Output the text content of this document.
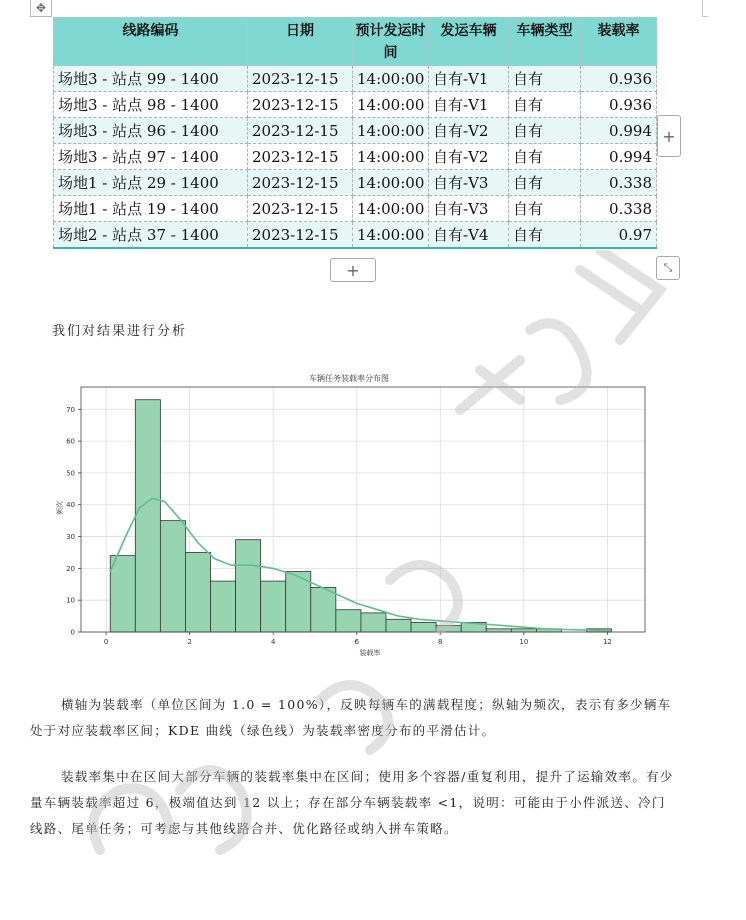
✥
线路编码	日期	预计发运时间	发运车辆	车辆类型	装载率
场地3 - 站点 99 - 1400	2023-12-15	14:00:00	自有-V1	自有	0.936
场地3 - 站点 98 - 1400	2023-12-15	14:00:00	自有-V1	自有	0.936
场地3 - 站点 96 - 1400	2023-12-15	14:00:00	自有-V2	自有	0.994
场地3 - 站点 97 - 1400	2023-12-15	14:00:00	自有-V2	自有	0.994
场地1 - 站点 29 - 1400	2023-12-15	14:00:00	自有-V3	自有	0.338
场地1 - 站点 19 - 1400	2023-12-15	14:00:00	自有-V3	自有	0.338
场地2 - 站点 37 - 1400	2023-12-15	14:00:00	自有-V4	自有	0.97
+
+	⤡
我们对结果进行分析
车辆任务装载率分布图
装载率
频次
0	2	4	6	8	10	12
0
10
20
30
40
50
60
70
横轴为装载率（单位区间为 1.0 = 100%），反映每辆车的满载程度；纵轴为频次，表示有多少辆车处于对应装载率区间；KDE 曲线（绿色线）为装载率密度分布的平滑估计。
装载率集中在区间大部分车辆的装载率集中在区间；使用多个容器/重复利用，提升了运输效率。有少量车辆装载率超过 6，极端值达到 12 以上；存在部分车辆装载率 <1，说明：可能由于小件派送、冷门线路、尾单任务；可考虑与其他线路合并、优化路径或纳入拼车策略。
